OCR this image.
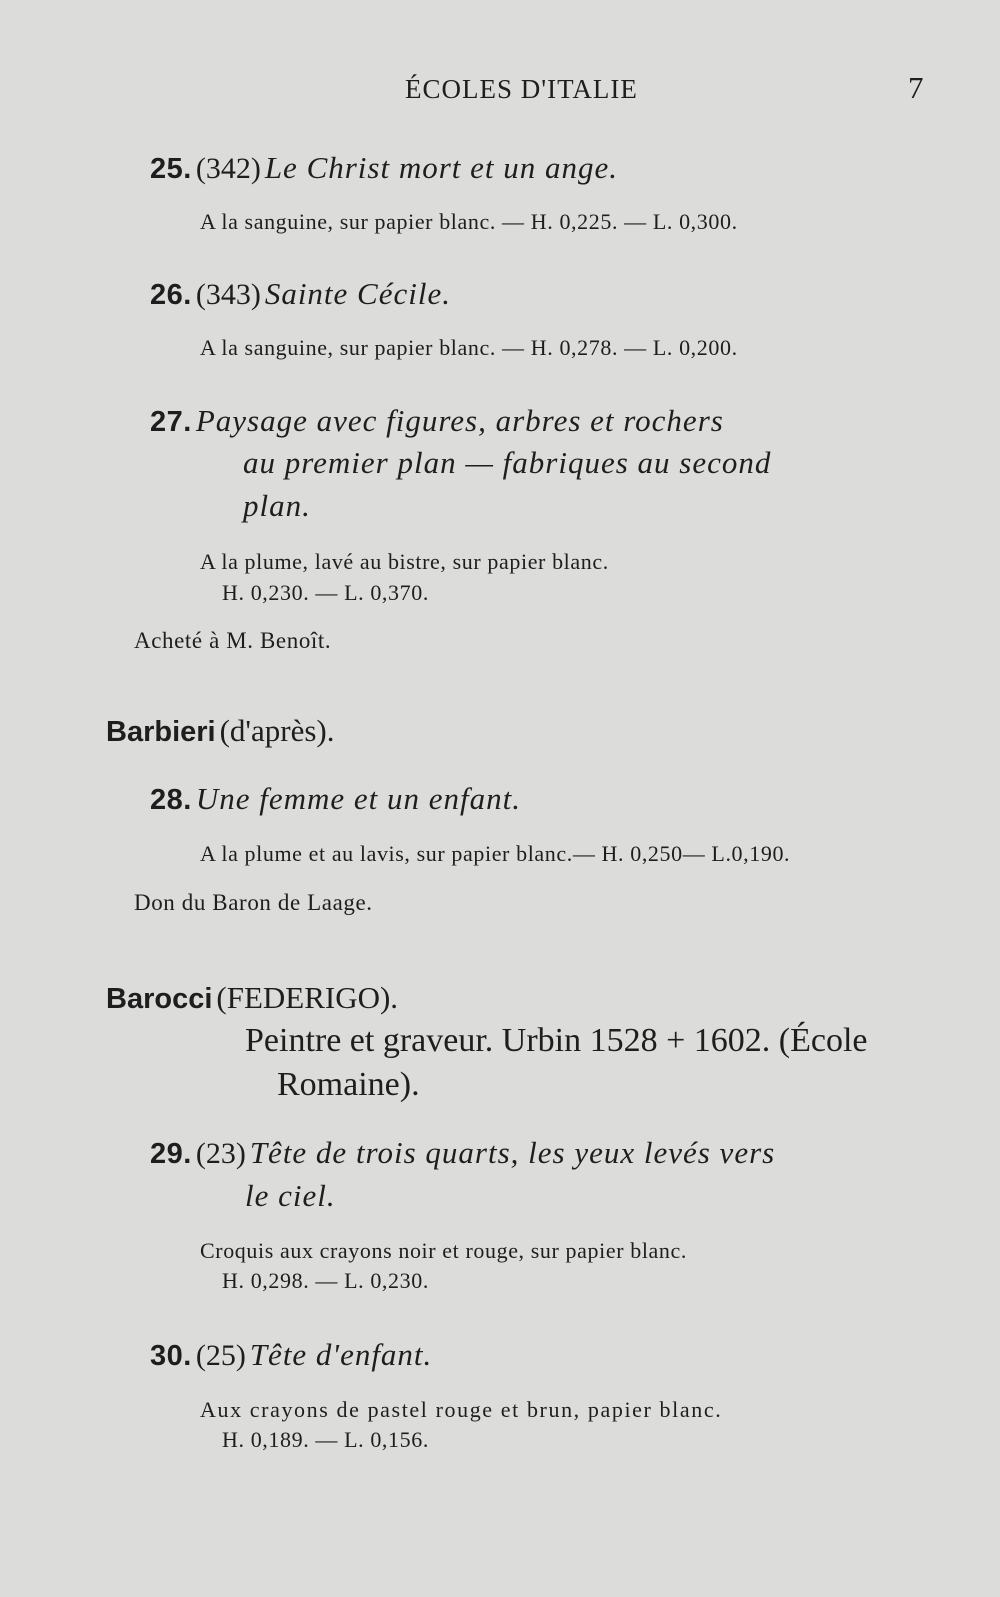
ÉCOLES D'ITALIE	7
25. (342) Le Christ mort et un ange.
A la sanguine, sur papier blanc. — H. 0,225. — L. 0,300.
26. (343) Sainte Cécile.
A la sanguine, sur papier blanc. — H. 0,278. — L. 0,200.
27. Paysage avec figures, arbres et rochers
au premier plan — fabriques au second
plan.
A la plume, lavé au bistre, sur papier blanc.
H. 0,230. — L. 0,370.
Acheté à M. Benoît.
Barbieri (d'après).
28. Une femme et un enfant.
A la plume et au lavis, sur papier blanc.— H. 0,250— L.0,190.
Don du Baron de Laage.
Barocci (FEDERIGO).
Peintre et graveur. Urbin 1528 + 1602. (École
Romaine).
29. (23) Tête de trois quarts, les yeux levés vers
le ciel.
Croquis aux crayons noir et rouge, sur papier blanc.
H. 0,298. — L. 0,230.
30. (25) Tête d'enfant.
Aux crayons de pastel rouge et brun, papier blanc.
H. 0,189. — L. 0,156.
